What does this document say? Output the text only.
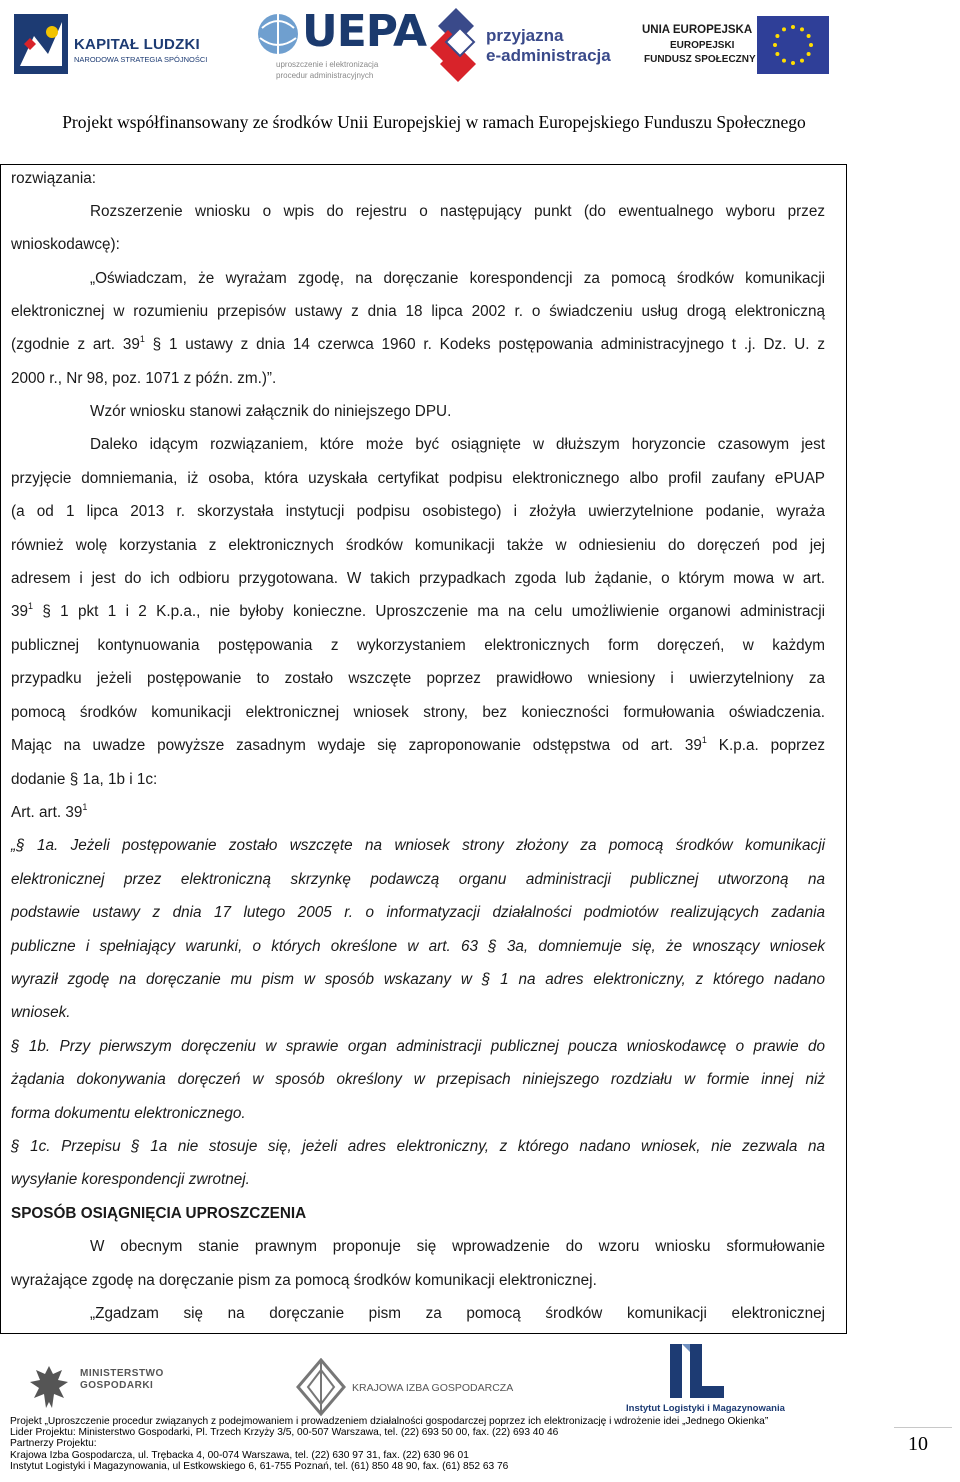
KAPITAŁ LUDZKI
NARODOWA STRATEGIA SPÓJNOŚCI
UEPA
uproszczenie i elektronizacja
procedur administracyjnych
przyjazna
e-administracja
UNIA EUROPEJSKA
EUROPEJSKI
FUNDUSZ SPOŁECZNY
Projekt współfinansowany ze środków Unii Europejskiej w ramach Europejskiego Funduszu Społecznego
rozwiązania:
Rozszerzenie wniosku o wpis do rejestru o następujący punkt (do ewentualnego wyboru przez
wnioskodawcę):
„Oświadczam, że wyrażam zgodę, na doręczanie korespondencji za pomocą środków komunikacji
elektronicznej w rozumieniu przepisów ustawy z dnia 18 lipca 2002 r. o świadczeniu usług drogą elektroniczną
(zgodnie z art. $39^1$ § 1 ustawy z dnia 14 czerwca 1960 r. Kodeks postępowania administracyjnego t .j. Dz. U. z
2000 r., Nr 98, poz. 1071 z późn. zm.)”.
Wzór wniosku stanowi załącznik do niniejszego DPU.
Daleko idącym rozwiązaniem, które może być osiągnięte w dłuższym horyzoncie czasowym jest
przyjęcie domniemania, iż osoba, która uzyskała certyfikat podpisu elektronicznego albo profil zaufany ePUAP
(a od 1 lipca 2013 r. skorzystała instytucji podpisu osobistego) i złożyła uwierzytelnione podanie, wyraża
również wolę korzystania z elektronicznych środków komunikacji także w odniesieniu do doręczeń pod jej
adresem i jest do ich odbioru przygotowana. W takich przypadkach zgoda lub żądanie, o którym mowa w art.
$39^1$ § 1 pkt 1 i 2 K.p.a., nie byłoby konieczne. Uproszczenie ma na celu umożliwienie organowi administracji
publicznej kontynuowania postępowania z wykorzystaniem elektronicznych form doręczeń, w każdym
przypadku jeżeli postępowanie to zostało wszczęte poprzez prawidłowo wniesiony i uwierzytelniony za
pomocą środków komunikacji elektronicznej wniosek strony, bez konieczności formułowania oświadczenia.
Mając na uwadze powyższe zasadnym wydaje się zaproponowanie odstępstwa od art. $39^1$ K.p.a. poprzez
dodanie § 1a, 1b i 1c:
Art. art. $39^1$
„§ 1a. Jeżeli postępowanie zostało wszczęte na wniosek strony złożony za pomocą środków komunikacji
elektronicznej przez elektroniczną skrzynkę podawczą organu administracji publicznej utworzoną na
podstawie ustawy z dnia 17 lutego 2005 r. o informatyzacji działalności podmiotów realizujących zadania
publiczne i spełniający warunki, o których określone w art. 63 § 3a, domniemuje się, że wnoszący wniosek
wyraził zgodę na doręczanie mu pism w sposób wskazany w § 1 na adres elektroniczny, z którego nadano
wniosek.
§ 1b. Przy pierwszym doręczeniu w sprawie organ administracji publicznej poucza wnioskodawcę o prawie do
żądania dokonywania doręczeń w sposób określony w przepisach niniejszego rozdziału w formie innej niż
forma dokumentu elektronicznego.
§ 1c. Przepisu § 1a nie stosuje się, jeżeli adres elektroniczny, z którego nadano wniosek, nie zezwala na
wysyłanie korespondencji zwrotnej.
SPOSÓB OSIĄGNIĘCIA UPROSZCZENIA
W obecnym stanie prawnym proponuje się wprowadzenie do wzoru wniosku sformułowanie
wyrażające zgodę na doręczanie pism za pomocą środków komunikacji elektronicznej.
„Zgadzam się na doręczanie pism za pomocą środków komunikacji elektronicznej
MINISTERSTWO
GOSPODARKI	KRAJOWA IZBA GOSPODARCZA
Instytut Logistyki i Magazynowania
Projekt „Uproszczenie procedur związanych z podejmowaniem i prowadzeniem działalności gospodarczej poprzez ich elektronizację i wdrożenie idei „Jednego Okienka”
Lider Projektu: Ministerstwo Gospodarki, Pl. Trzech Krzyży 3/5, 00-507 Warszawa, tel. (22) 693 50 00, fax. (22) 693 40 46
Partnerzy Projektu:
Krajowa Izba Gospodarcza, ul. Trębacka 4, 00-074 Warszawa, tel. (22) 630 97 31, fax. (22) 630 96 01
Instytut Logistyki i Magazynowania, ul Estkowskiego 6, 61-755 Poznań, tel. (61) 850 48 90, fax. (61) 852 63 76
10
